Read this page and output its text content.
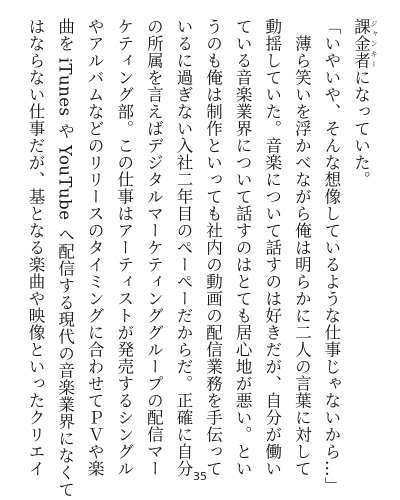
課金者 ジャンキーになっていた。
「いやいや、そんな想像しているような仕事じゃないから…」
　薄ら笑いを浮かべながら俺は明らかに二人の言葉に対して
動揺していた。音楽について話すのは好きだが、自分が働い
ている音楽業界について話すのはとても居心地が悪い。とい
うのも俺は制作といっても社内の動画の配信業務を手伝って
いるに過ぎない入社二年目のぺーぺーだからだ。正確に自分
の所属を言えばデジタルマーケティンググループの配信マー
ケティング部。この仕事はアーティストが発売するシングル
やアルバムなどのリリースのタイミングに合わせてＰＶや楽
曲を iTunes や YouTube へ配信する現代の音楽業界になくて
はならない仕事だが、基となる楽曲や映像といったクリエイ	35
